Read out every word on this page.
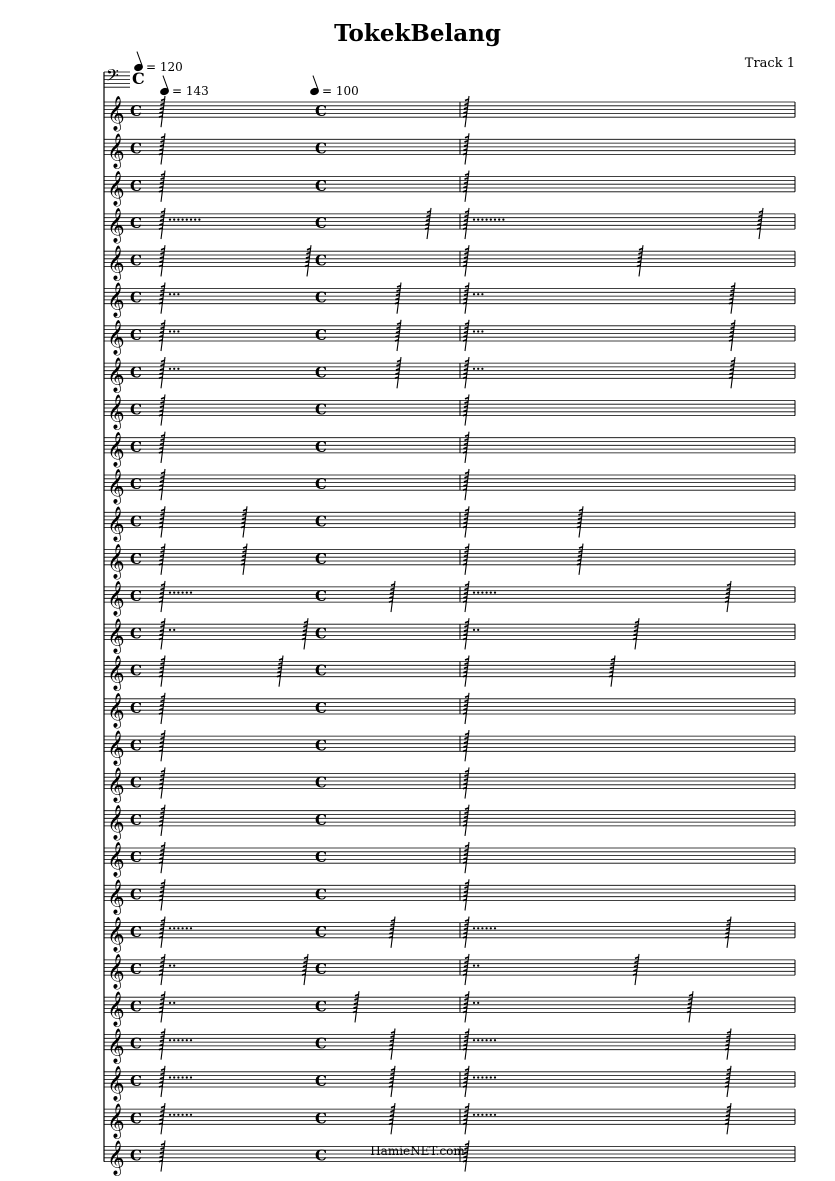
TokekBelang
Track 1
= 120
= 143	= 100
𝄢 C
𝄞 C	C
𝄞 C	C
𝄞 C	C
𝄞 C	C
𝄞 C	C
𝄞 C	C
𝄞 C	C
𝄞 C	C
𝄞 C	C
𝄞 C	C
𝄞 C	C
𝄞 C	C
𝄞 C	C
𝄞 C	C
𝄞 C	C
𝄞 C	C
𝄞 C	C
𝄞 C	C
𝄞 C	C
𝄞 C	C
𝄞 C	C
𝄞 C	C
𝄞 C	C
𝄞 C	C
𝄞 C	C
𝄞 C	C
𝄞 C	C
𝄞 C	C
𝄞 C	C	HamieNET.com
